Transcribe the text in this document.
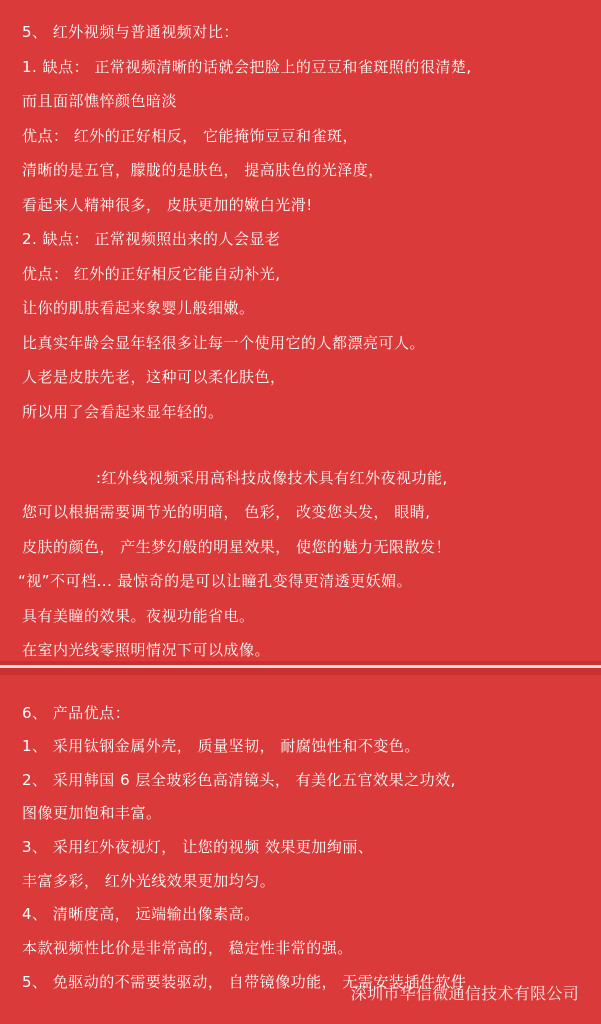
5、 红外视频与普通视频对比：
1. 缺点： 正常视频清晰的话就会把脸上的豆豆和雀斑照的很清楚,
而且面部憔悴颜色暗淡
优点： 红外的正好相反， 它能掩饰豆豆和雀斑，
清晰的是五官，朦胧的是肤色， 提高肤色的光泽度，
看起来人精神很多， 皮肤更加的嫩白光滑!
2. 缺点： 正常视频照出来的人会显老
优点： 红外的正好相反它能自动补光,
让你的肌肤看起来象婴儿般细嫩。
比真实年龄会显年轻很多让每一个使用它的人都漂亮可人。
人老是皮肤先老，这种可以柔化肤色，
所以用了会看起来显年轻的。
:红外线视频采用高科技成像技术具有红外夜视功能,
您可以根据需要调节光的明暗， 色彩， 改变您头发， 眼睛,
皮肤的颜色， 产生梦幻般的明星效果， 使您的魅力无限散发！
“视”不可档... 最惊奇的是可以让瞳孔变得更清透更妖媚。
具有美瞳的效果。夜视功能省电。
在室内光线零照明情况下可以成像。
6、 产品优点：
1、 采用钛钢金属外壳， 质量坚韧， 耐腐蚀性和不变色。
2、 采用韩国 6 层全玻彩色高清镜头， 有美化五官效果之功效,
图像更加饱和丰富。
3、 采用红外夜视灯， 让您的视频 效果更加绚丽、
丰富多彩， 红外光线效果更加均匀。
4、 清晰度高， 远端输出像素高。
本款视频性比价是非常高的， 稳定性非常的强。
5、 免驱动的不需要装驱动， 自带镜像功能， 无需安装插件软件
深圳市华信微通信技术有限公司
